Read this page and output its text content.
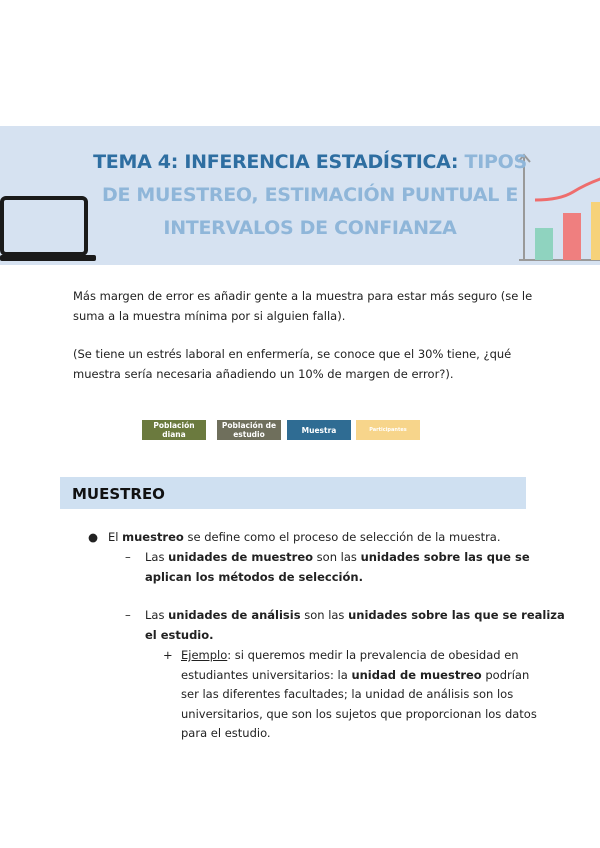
TEMA 4: INFERENCIA ESTADÍSTICA: TIPOS
DE MUESTREO, ESTIMACIÓN PUNTUAL E
INTERVALOS DE CONFIANZA
Más margen de error es añadir gente a la muestra para estar más seguro (se le suma a la muestra mínima por si alguien falla).
(Se tiene un estrés laboral en enfermería, se conoce que el 30% tiene, ¿qué muestra sería necesaria añadiendo un 10% de margen de error?).
Población diana
Población de estudio	Muestra	Participantes
MUESTREO
● El muestreo se define como el proceso de selección de la muestra.
– Las unidades de muestreo son las unidades sobre las que se
aplican los métodos de selección.
– Las unidades de análisis son las unidades sobre las que se realiza
el estudio.
+ Ejemplo: si queremos medir la prevalencia de obesidad en
estudiantes universitarios: la unidad de muestreo podrían
ser las diferentes facultades; la unidad de análisis son los
universitarios, que son los sujetos que proporcionan los datos
para el estudio.
